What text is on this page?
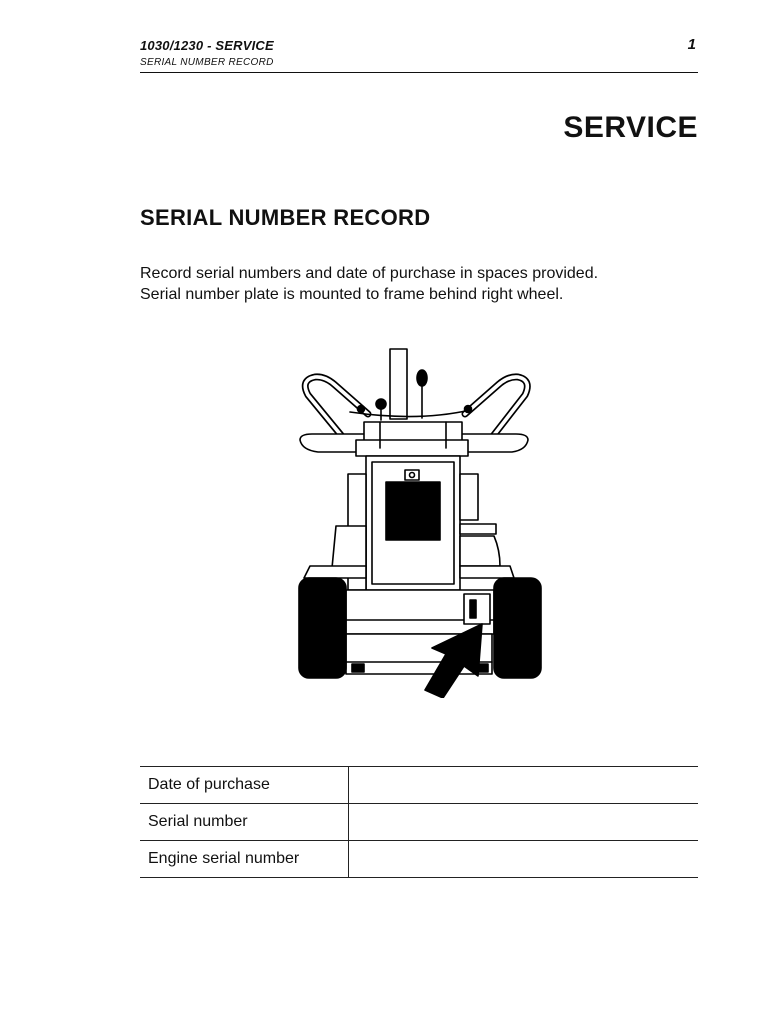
1030/1230 - SERVICE	1
SERIAL NUMBER RECORD
SERVICE
SERIAL NUMBER RECORD

Record serial numbers and date of purchase in spaces provided.

Serial number plate is mounted to frame behind right wheel.

Date of purchase	
Serial number	
Engine serial number	
